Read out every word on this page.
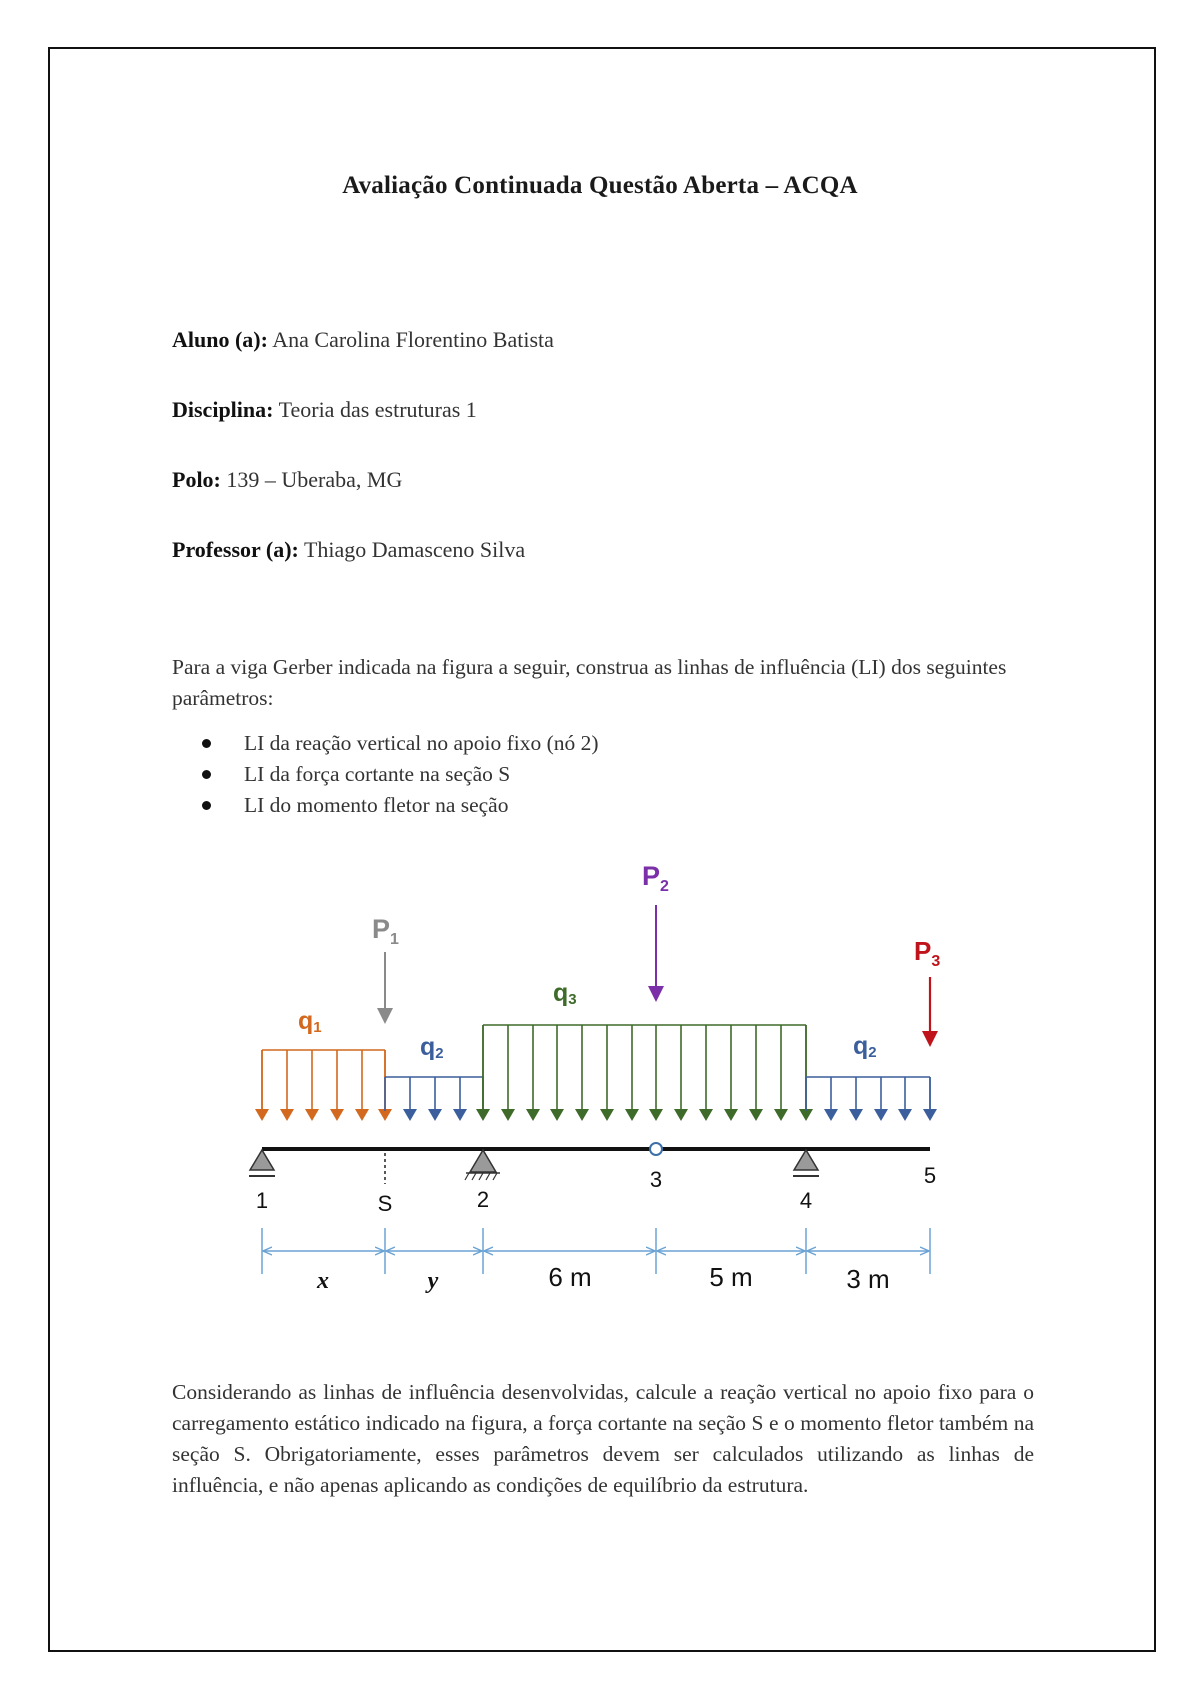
Avaliação Continuada Questão Aberta – ACQA
Aluno (a): Ana Carolina Florentino Batista
Disciplina: Teoria das estruturas 1
Polo: 139 – Uberaba, MG
Professor (a): Thiago Damasceno Silva
Para a viga Gerber indicada na figura a seguir, construa as linhas de influência (LI) dos seguintes parâmetros:
LI da reação vertical no apoio fixo (nó 2)
LI da força cortante na seção S
LI do momento fletor na seção
$P_1$
$P_2$
$P_3$
q1
q2
q3
q2
1	S	2
3
4
5
x	y	6 m	5 m	3 m
Considerando as linhas de influência desenvolvidas, calcule a reação vertical no apoio fixo para o carregamento estático indicado na figura, a força cortante na seção S e o momento fletor também na seção S. Obrigatoriamente, esses parâmetros devem ser calculados utilizando as linhas de influência, e não apenas aplicando as condições de equilíbrio da estrutura.
